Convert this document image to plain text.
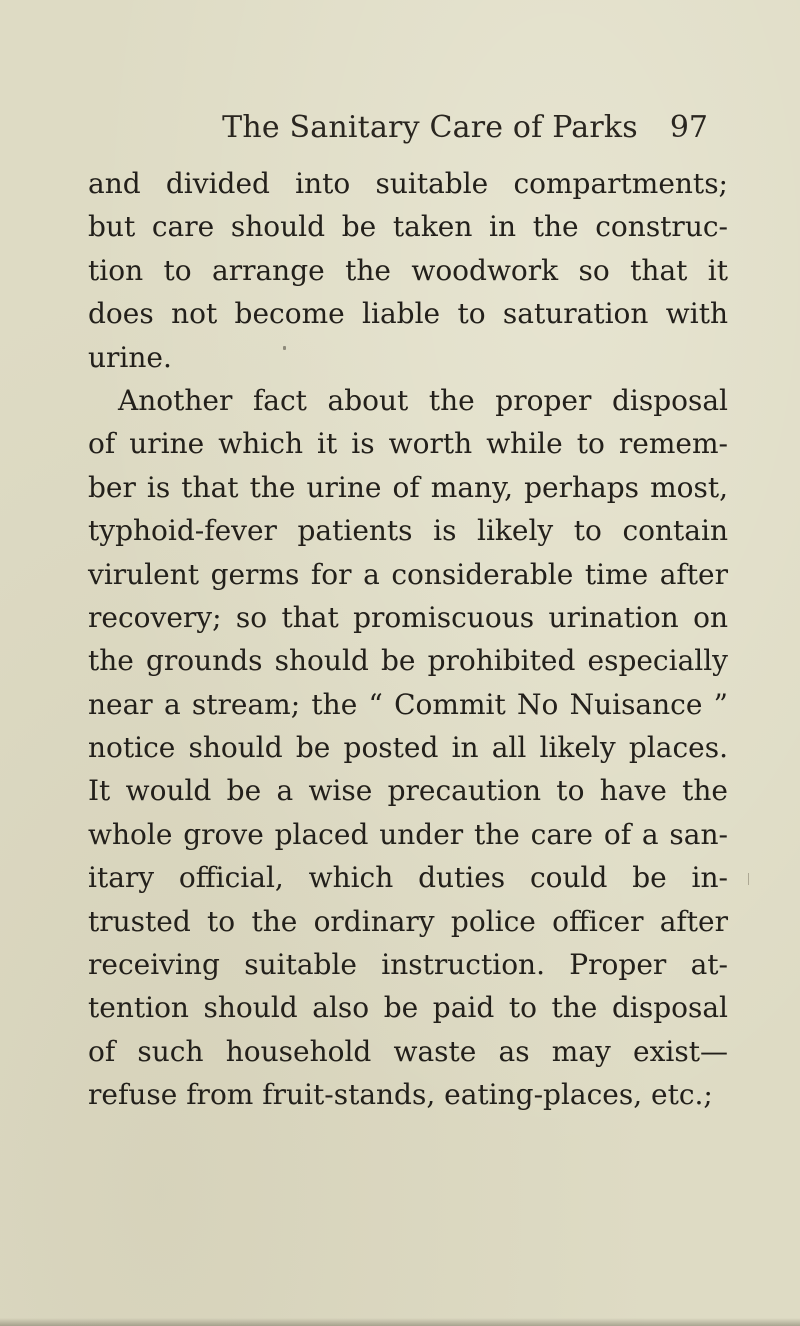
The Sanitary Care of Parks	97
and divided into suitable compartments;
but care should be taken in the construc-
tion to arrange the woodwork so that it
does not become liable to saturation with
urine.
Another fact about the proper disposal
of urine which it is worth while to remem-
ber is that the urine of many, perhaps most,
typhoid-fever patients is likely to contain
virulent germs for a considerable time after
recovery; so that promiscuous urination on
the grounds should be prohibited especially
near a stream; the “ Commit No Nuisance ”
notice should be posted in all likely places.
It would be a wise precaution to have the
whole grove placed under the care of a san-
itary official, which duties could be in-
trusted to the ordinary police officer after
receiving suitable instruction. Proper at-
tention should also be paid to the disposal
of such household waste as may exist—
refuse from fruit-stands, eating-places, etc.;
